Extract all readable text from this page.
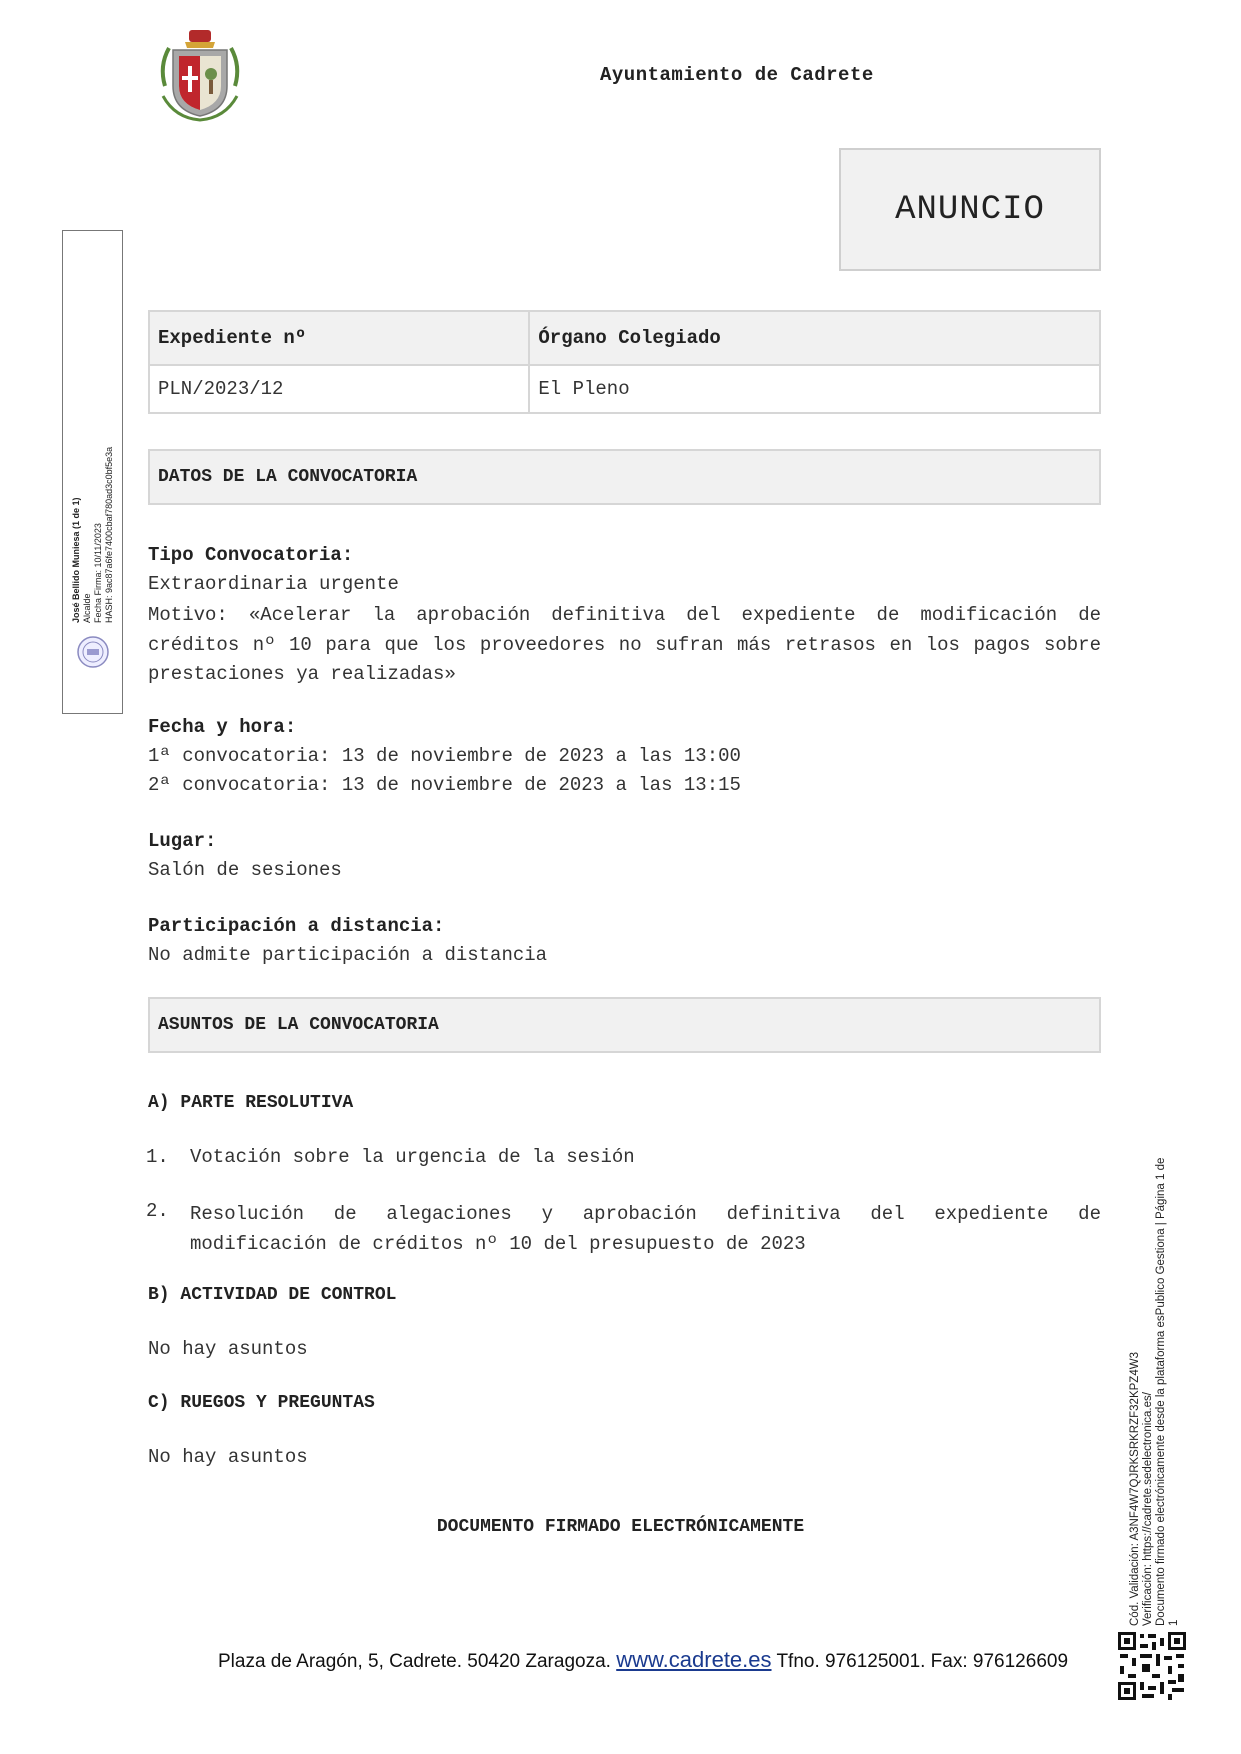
Ayuntamiento de Cadrete
ANUNCIO
Expediente nº	Órgano Colegiado
PLN/2023/12	El Pleno
DATOS DE LA CONVOCATORIA
Tipo Convocatoria:
Extraordinaria urgente
Motivo: «Acelerar la aprobación definitiva del expediente de modificación de créditos nº 10 para que los proveedores no sufran más retrasos en los pagos sobre prestaciones ya realizadas»
Fecha y hora:
1ª convocatoria: 13 de noviembre de 2023 a las 13:00
2ª convocatoria: 13 de noviembre de 2023 a las 13:15
Lugar:
Salón de sesiones
Participación a distancia:
No admite participación a distancia
ASUNTOS DE LA CONVOCATORIA
A) PARTE RESOLUTIVA
1. Votación sobre la urgencia de la sesión
2. Resolución de alegaciones y aprobación definitiva del expediente de modificación de créditos nº 10 del presupuesto de 2023
B) ACTIVIDAD DE CONTROL
No hay asuntos
C) RUEGOS Y PREGUNTAS
No hay asuntos
DOCUMENTO FIRMADO ELECTRÓNICAMENTE
José Bellido Muniesa (1 de 1) Alcalde Fecha Firma: 10/11/2023 HASH: 9ac87a6fe7400cbaf780ad3c0bf5e3a
Cód. Validación: A3NF4W7QJRKSRKRZF32KPZ4W3 Verificación: https://cadrete.sedelectronica.es/ Documento firmado electrónicamente desde la plataforma esPublico Gestiona | Página 1 de 1
Plaza de Aragón, 5, Cadrete. 50420 Zaragoza. www.cadrete.es Tfno. 976125001. Fax: 976126609
